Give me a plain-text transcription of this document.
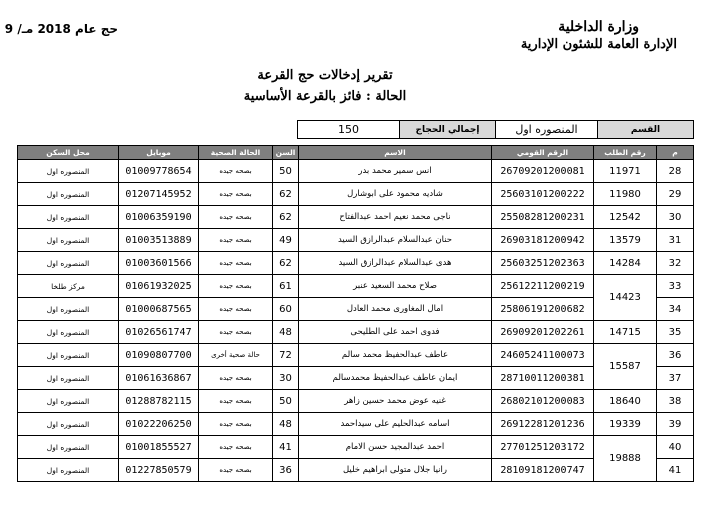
وزارة الداخلية
الإدارة العامة للشئون الإدارية
حج عام 2018 مـ/ 9
تقرير إدخالات حج القرعة
الحالة : فائز بالقرعة الأساسية
القسم	المنصوره اول	إجمالي الحجاج	150
م	رقم الطلب	الرقم القومي	الاسم	السن	الحالة الصحية	موبايل	محل السكن
28	11971	26709201200081	انس سمير محمد بدر	50	بصحه جيده	01009778654	المنصوره اول
29	11980	25603101200222	شاديه محمود على ابوشارل	62	بصحه جيده	01207145952	المنصوره اول
30	12542	25508281200231	ناجى محمد نعيم احمد عبدالفتاح	62	بصحه جيده	01006359190	المنصوره اول
31	13579	26903181200942	حنان عبدالسلام عبدالرازق السيد	49	بصحه جيده	01003513889	المنصوره اول
32	14284	25603251202363	هدى عبدالسلام عبدالرازق السيد	62	بصحه جيده	01003601566	المنصوره اول
33	14423	25612211200219	صلاح محمد السعيد عنبر	61	بصحه جيده	01061932025	مركز طلخا
34		25806191200682	امال المغاورى محمد العادل	60	بصحه جيده	01000687565	المنصوره اول
35	14715	26909201202261	فدوى احمد على الطليحى	48	بصحه جيده	01026561747	المنصوره اول
36	15587	24605241100073	عاطف عبدالحفيظ محمد سالم	72	حالة صحية أخرى	01090807700	المنصوره اول
37		28710011200381	ايمان عاطف عبدالحفيظ محمدسالم	30	بصحه جيده	01061636867	المنصوره اول
38	18640	26802101200083	غنيه عوض محمد حسين زاهر	50	بصحه جيده	01288782115	المنصوره اول
39	19339	26912281201236	اسامه عبدالحليم على سيداحمد	48	بصحه جيده	01022206250	المنصوره اول
40	19888	27701251203172	احمد عبدالمجيد حسن الامام	41	بصحه جيده	01001855527	المنصوره اول
41		28109181200747	رانيا جلال متولى ابراهيم خليل	36	بصحه جيده	01227850579	المنصوره اول
